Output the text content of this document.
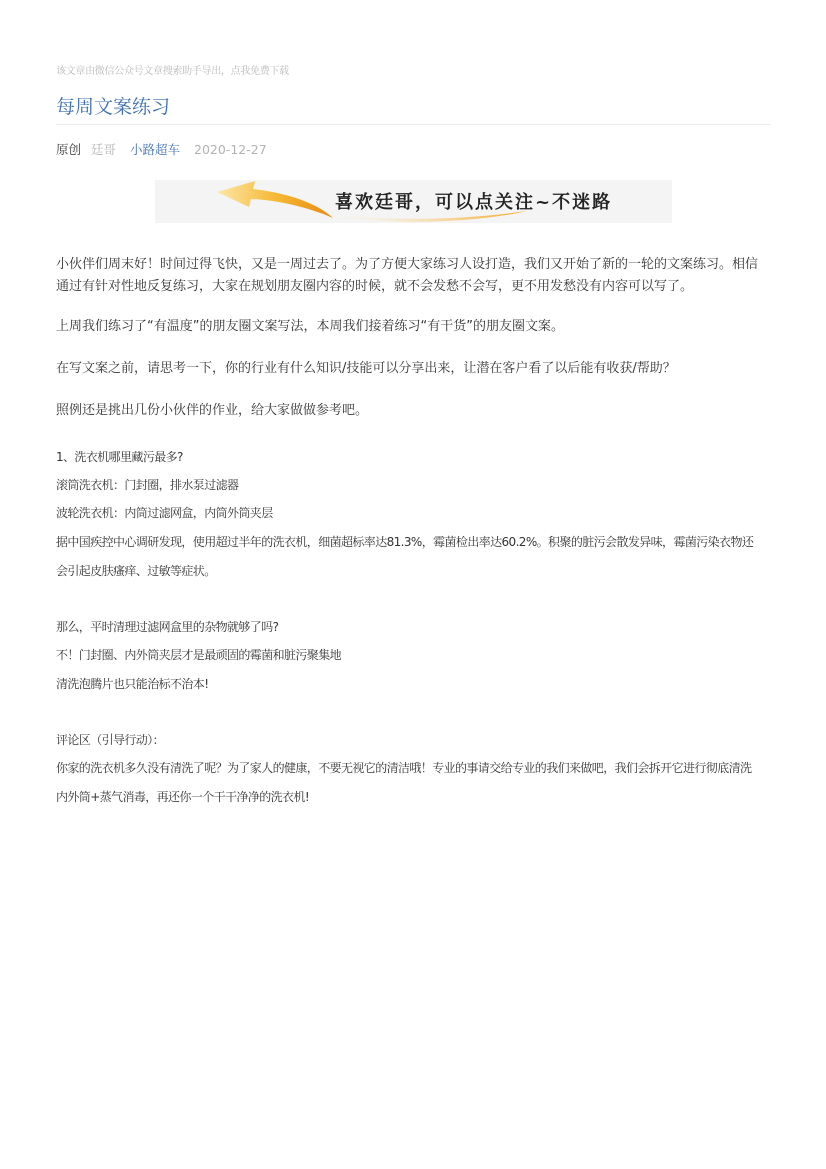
该文章由微信公众号文章搜索助手导出，点我免费下载
每周文案练习
原创 廷哥 小路超车 2020-12-27
喜欢廷哥，可以点关注~不迷路

小伙伴们周末好！时间过得飞快，又是一周过去了。为了方便大家练习人设打造，我们又开始了新的一轮的文案练习。相信通过有针对性地反复练习，大家在规划朋友圈内容的时候，就不会发愁不会写，更不用发愁没有内容可以写了。

上周我们练习了“有温度”的朋友圈文案写法，本周我们接着练习“有干货”的朋友圈文案。

在写文案之前，请思考一下，你的行业有什么知识/技能可以分享出来，让潜在客户看了以后能有收获/帮助？

照例还是挑出几份小伙伴的作业，给大家做做参考吧。

1、洗衣机哪里藏污最多?

滚筒洗衣机：门封圈，排水泵过滤器

波轮洗衣机：内筒过滤网盒，内筒外筒夹层

据中国疾控中心调研发现，使用超过半年的洗衣机，细菌超标率达81.3%，霉菌检出率达60.2%。积聚的脏污会散发异味，霉菌污染衣物还

会引起皮肤瘙痒、过敏等症状。

那么，平时清理过滤网盒里的杂物就够了吗?

不！门封圈、内外筒夹层才是最顽固的霉菌和脏污聚集地

清洗泡腾片也只能治标不治本!

评论区（引导行动）：

你家的洗衣机多久没有清洗了呢？为了家人的健康，不要无视它的清洁哦！专业的事请交给专业的我们来做吧，我们会拆开它进行彻底清洗

内外筒+蒸气消毒，再还你一个干干净净的洗衣机!
